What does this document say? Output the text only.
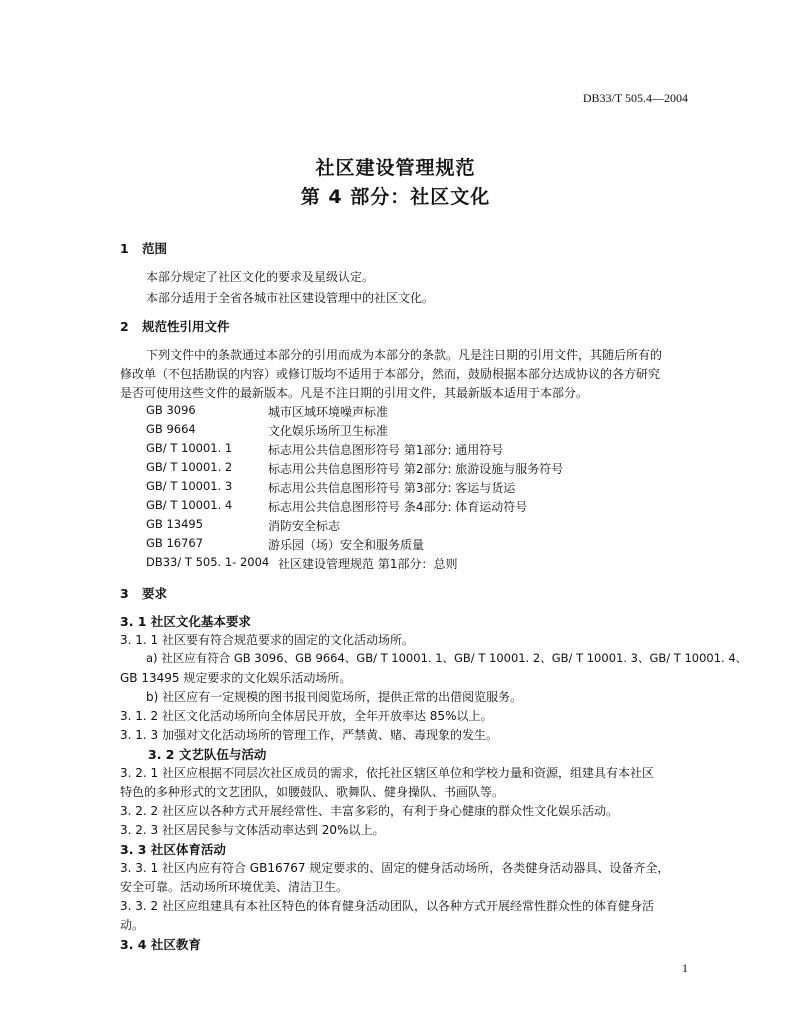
DB33/T 505.4—2004
社区建设管理规范
第 4 部分：社区文化
1 范围
本部分规定了社区文化的要求及星级认定。
本部分适用于全省各城市社区建设管理中的社区文化。
2 规范性引用文件
下列文件中的条款通过本部分的引用而成为本部分的条款。凡是注日期的引用文件，其随后所有的
修改单（不包括勘误的内容）或修订版均不适用于本部分，然而，鼓励根据本部分达成协议的各方研究
是否可使用这些文件的最新版本。凡是不注日期的引用文件，其最新版本适用于本部分。
GB 3096	城市区域环境噪声标准
GB 9664	文化娱乐场所卫生标准
GB/ T 10001. 1	标志用公共信息图形符号 第1部分: 通用符号
GB/ T 10001. 2	标志用公共信息图形符号 第2部分: 旅游设施与服务符号
GB/ T 10001. 3	标志用公共信息图形符号 第3部分: 客运与货运
GB/ T 10001. 4	标志用公共信息图形符号 条4部分: 体育运动符号
GB 13495	消防安全标志
GB 16767	游乐园（场）安全和服务质量
DB33/ T 505. 1- 2004 社区建设管理规范 第1部分：总则
3 要求
3. 1 社区文化基本要求
3. 1. 1 社区要有符合规范要求的固定的文化活动场所。
a) 社区应有符合 GB 3096、GB 9664、GB/ T 10001. 1、GB/ T 10001. 2、GB/ T 10001. 3、GB/ T 10001. 4、
GB 13495 规定要求的文化娱乐活动场所。
b) 社区应有一定规模的图书报刊阅览场所，提供正常的出借阅览服务。
3. 1. 2 社区文化活动场所向全体居民开放，全年开放率达 85%以上。
3. 1. 3 加强对文化活动场所的管理工作，严禁黄、赌、毒现象的发生。
3. 2 文艺队伍与活动
3. 2. 1 社区应根据不同层次社区成员的需求，依托社区辖区单位和学校力量和资源，组建具有本社区
特色的多种形式的文艺团队，如腰鼓队、歌舞队、健身操队、书画队等。
3. 2. 2 社区应以各种方式开展经常性、丰富多彩的，有利于身心健康的群众性文化娱乐活动。
3. 2. 3 社区居民参与文体活动率达到 20%以上。
3. 3 社区体育活动
3. 3. 1 社区内应有符合 GB16767 规定要求的、固定的健身活动场所，各类健身活动器具、设备齐全，
安全可靠。活动场所环境优美、清洁卫生。
3. 3. 2 社区应组建具有本社区特色的体育健身活动团队，以各种方式开展经常性群众性的体育健身活
动。
3. 4 社区教育
1
